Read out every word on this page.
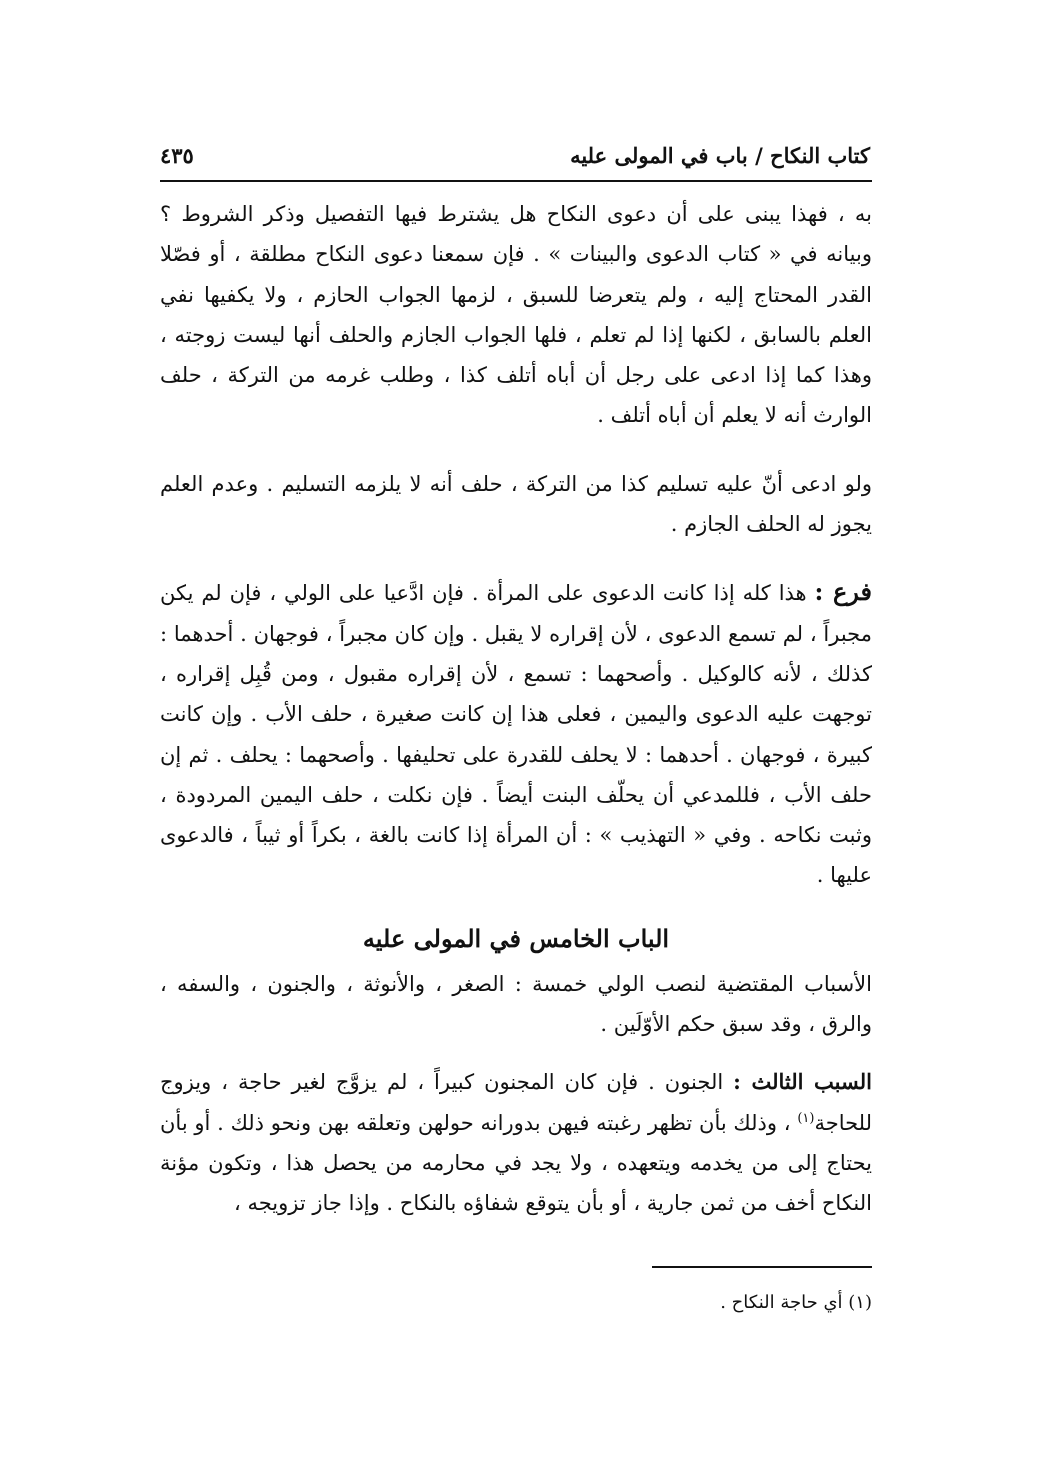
كتاب النكاح / باب في المولى عليه
٤٣٥

به ، فهذا يبنى على أن دعوى النكاح هل يشترط فيها التفصيل وذكر الشروط ؟ وبيانه في « كتاب الدعوى والبينات » . فإن سمعنا دعوى النكاح مطلقة ، أو فصّلا القدر المحتاج إليه ، ولم يتعرضا للسبق ، لزمها الجواب الحازم ، ولا يكفيها نفي العلم بالسابق ، لكنها إذا لم تعلم ، فلها الجواب الجازم والحلف أنها ليست زوجته ، وهذا كما إذا ادعى على رجل أن أباه أتلف كذا ، وطلب غرمه من التركة ، حلف الوارث أنه لا يعلم أن أباه أتلف .

ولو ادعى أنّ عليه تسليم كذا من التركة ، حلف أنه لا يلزمه التسليم . وعدم العلم يجوز له الحلف الجازم .

فرع : هذا كله إذا كانت الدعوى على المرأة . فإن ادَّعيا على الولي ، فإن لم يكن مجبراً ، لم تسمع الدعوى ، لأن إقراره لا يقبل . وإن كان مجبراً ، فوجهان . أحدهما : كذلك ، لأنه كالوكيل . وأصحهما : تسمع ، لأن إقراره مقبول ، ومن قُبِل إقراره ، توجهت عليه الدعوى واليمين ، فعلى هذا إن كانت صغيرة ، حلف الأب . وإن كانت كبيرة ، فوجهان . أحدهما : لا يحلف للقدرة على تحليفها . وأصحهما : يحلف . ثم إن حلف الأب ، فللمدعي أن يحلّف البنت أيضاً . فإن نكلت ، حلف اليمين المردودة ، وثبت نكاحه . وفي « التهذيب » : أن المرأة إذا كانت بالغة ، بكراً أو ثيباً ، فالدعوى عليها .

الباب الخامس في المولى عليه

الأسباب المقتضية لنصب الولي خمسة : الصغر ، والأنوثة ، والجنون ، والسفه ، والرق ، وقد سبق حكم الأوّلَين .

السبب الثالث : الجنون . فإن كان المجنون كبيراً ، لم يزوَّج لغير حاجة ، ويزوج للحاجة$^{(١)}$ ، وذلك بأن تظهر رغبته فيهن بدورانه حولهن وتعلقه بهن ونحو ذلك . أو بأن يحتاج إلى من يخدمه ويتعهده ، ولا يجد في محارمه من يحصل هذا ، وتكون مؤنة النكاح أخف من ثمن جارية ، أو بأن يتوقع شفاؤه بالنكاح . وإذا جاز تزويجه ،

(١) أي حاجة النكاح .
